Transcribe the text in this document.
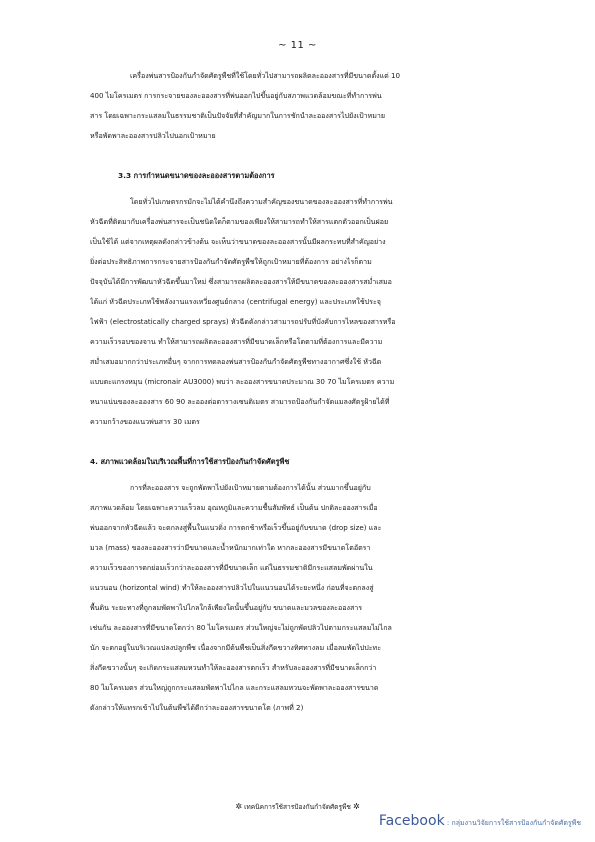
~ 11 ~
เครื่องพ่นสารป้องกันกำจัดศัตรูพืชที่ใช้โดยทั่วไปสามารถผลิตละอองสารที่มีขนาดตั้งแต่ 10
400 ไมโครเมตร การกระจายของละอองสารที่พ่นออกไปขึ้นอยู่กับสภาพแวดล้อมขณะที่ทำการพ่น
สาร โดยเฉพาะกระแสลมในธรรมชาติเป็นปัจจัยที่สำคัญมากในการชักนำละอองสารไปยังเป้าหมาย
หรือพัดพาละอองสารปลิวไปนอกเป้าหมาย
3.3 การกำหนดขนาดของละอองสารตามต้องการ
โดยทั่วไปเกษตรกรมักจะไม่ได้คำนึงถึงความสำคัญของขนาดของละอองสารที่ทำการพ่น
หัวฉีดที่ติดมากับเครื่องพ่นสารจะเป็นชนิดใดก็ตามของเพียงให้สามารถทำให้สารแตกตัวออกเป็นฝอย
เป็นใช้ได้ แต่จากเหตุผลดังกล่าวข้างต้น จะเห็นว่าขนาดของละอองสารนั้นมีผลกระทบที่สำคัญอย่าง
ยิ่งต่อประสิทธิภาพการกระจายสารป้องกันกำจัดศัตรูพืชให้ถูกเป้าหมายที่ต้องการ อย่างไรก็ตาม
ปัจจุบันได้มีการพัฒนาหัวฉีดขึ้นมาใหม่ ซึ่งสามารถผลิตละอองสารให้มีขนาดของละอองสารสม่ำเสมอ
ได้แก่ หัวฉีดประเภทใช้พลังงานแรงเหวี่ยงศูนย์กลาง (centrifugal energy) และประเภทใช้ประจุ
ไฟฟ้า (electrostatically charged sprays) หัวฉีดดังกล่าวสามารถปรับที่บังคับการไหลของสารหรือ
ความเร็วรอบของจาน ทำให้สามารถผลิตละอองสารที่มีขนาดเล็กหรือโตตามที่ต้องการและมีความ
สม่ำเสมอมากกว่าประเภทอื่นๆ จากการทดลองพ่นสารป้องกันกำจัดศัตรูพืชทางอากาศซึ่งใช้ หัวฉีด
แบบตะแกรงหมุน (micronair AU3000) พบว่า ละอองสารขนาดประมาณ 30 70 ไมโครเมตร ความ
หนาแน่นของละอองสาร 60 90 ละอองต่อตารางเซนติเมตร สามารถป้องกันกำจัดแมลงศัตรูฝ้ายได้ที่
ความกว้างของแนวพ่นสาร 30 เมตร
4. สภาพแวดล้อมในบริเวณพื้นที่การใช้สารป้องกันกำจัดศัตรูพืช
การที่ละอองสาร จะถูกพัดพาไปยังเป้าหมายตามต้องการได้นั้น ส่วนมากขึ้นอยู่กับ
สภาพแวดล้อม โดยเฉพาะความเร็วลม อุณหภูมิและความชื้นสัมพัทธ์ เป็นต้น ปกติละอองสารเมื่อ
พ่นออกจากหัวฉีดแล้ว จะตกลงสู่พื้นในแนวดิ่ง การตกช้าหรือเร็วขึ้นอยู่กับขนาด (drop size) และ
มวล (mass) ของละอองสารว่ามีขนาดและน้ำหนักมากเท่าใด หากละอองสารมีขนาดโตอัตรา
ความเร็วของการตกย่อมเร็วกว่าละอองสารที่มีขนาดเล็ก แต่ในธรรมชาติมีกระแสลมพัดผ่านใน
แนวนอน (horizontal wind) ทำให้ละอองสารปลิวไปในแนวนอนได้ระยะหนึ่ง ก่อนที่จะตกลงสู่
พื้นดิน ระยะทางที่ถูกลมพัดพาไปไกลใกล้เพียงใดนั้นขึ้นอยู่กับ ขนาดและมวลของละอองสาร
เช่นกัน ละอองสารที่มีขนาดโตกว่า 80 ไมโครเมตร ส่วนใหญ่จะไม่ถูกพัดปลิวไปตามกระแสลมไม่ไกล
นัก จะตกอยู่ในบริเวณแปลงปลูกพืช เนื่องจากมีต้นพืชเป็นสิ่งกีดขวางทิศทางลม เมื่อลมพัดไปปะทะ
สิ่งกีดขวางนั้นๆ จะเกิดกระแสลมหวนทำให้ละอองสารตกเร็ว สำหรับละอองสารที่มีขนาดเล็กกว่า
80 ไมโครเมตร ส่วนใหญ่ถูกกระแสลมพัดพาไปไกล และกระแสลมหวนจะพัดพาละอองสารขนาด
ดังกล่าวให้แทรกเข้าไปในต้นพืชได้ดีกว่าละอองสารขนาดโต (ภาพที่ 2)
✲ เทคนิคการใช้สารป้องกันกำจัดศัตรูพืช ✲
Facebook : กลุ่มงานวิจัยการใช้สารป้องกันกำจัดศัตรูพืช
